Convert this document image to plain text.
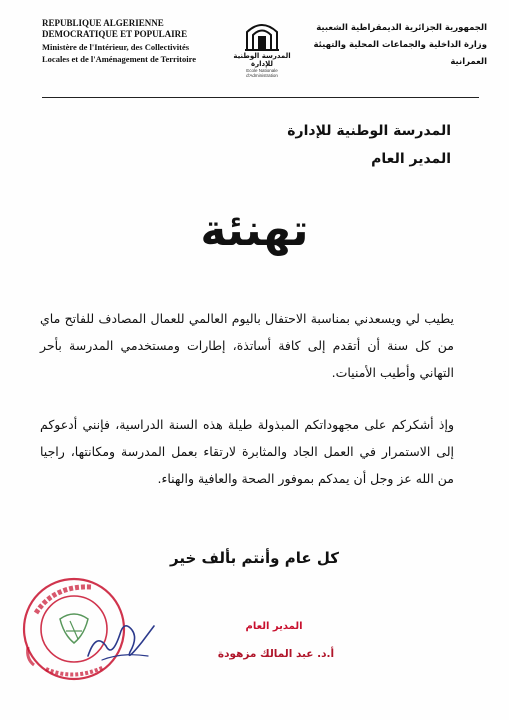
REPUBLIQUE ALGERIENNE
DEMOCRATIQUE ET POPULAIRE
Ministère de l'Intérieur, des Collectivités
Locales et de l'Aménagement de Territoire	المدرسة الوطنية للإدارة
Ecole Nationale d'Administration
الجمهورية الجزائرية الديمقراطية الشعبية
وزارة الداخلية والجماعات المحلية والتهيئة
العمرانية
المدرسة الوطنية للإدارة
المدير العام
تهنئة

يطيب لي ويسعدني بمناسبة الاحتفال باليوم العالمي للعمال المصادف للفاتح ماي من كل سنة أن أتقدم إلى كافة أساتذة، إطارات ومستخدمي المدرسة بأحر التهاني وأطيب الأمنيات.

وإذ أشكركم على مجهوداتكم المبذولة طيلة هذه السنة الدراسية، فإنني أدعوكم إلى الاستمرار في العمل الجاد والمثابرة لارتقاء بعمل المدرسة ومكانتها، راجيا من الله عز وجل أن يمدكم بموفور الصحة والعافية والهناء.

كل عام وأنتم بألف خير
المدير العام
أ.د. عبد المالك مزهودة
